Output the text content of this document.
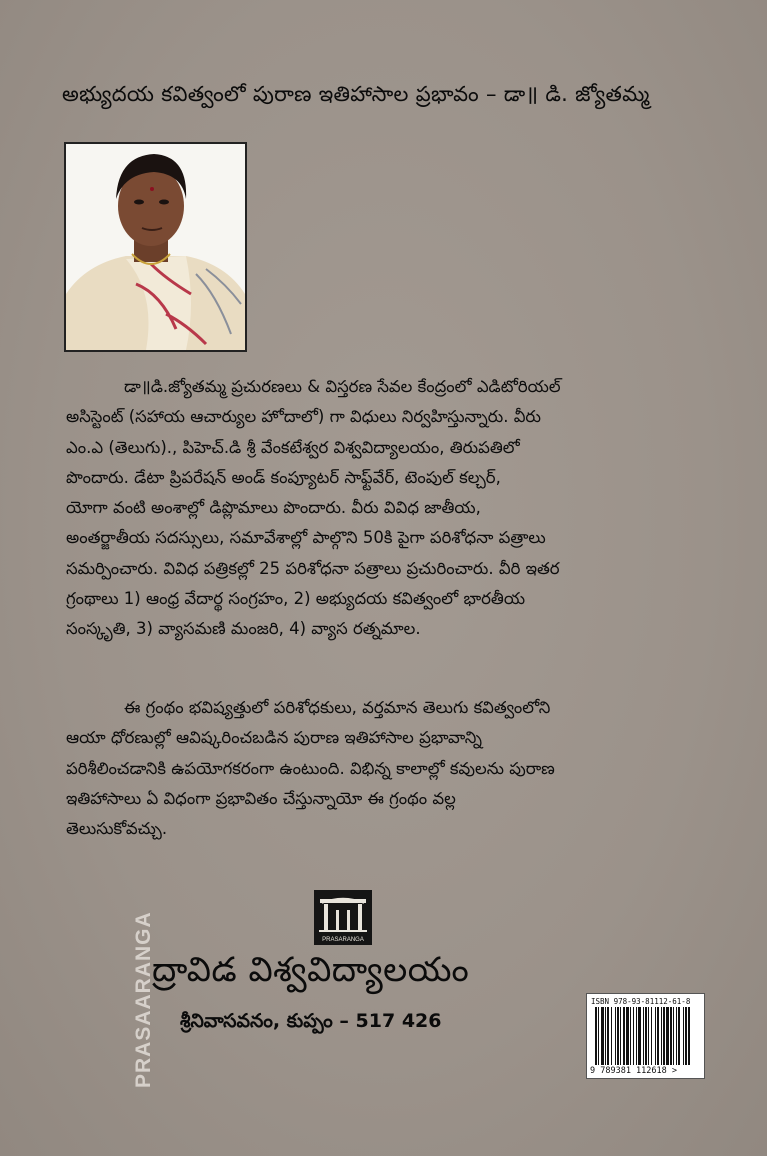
అభ్యుదయ కవిత్వంలో పురాణ ఇతిహాసాల ప్రభావం – డా॥ డి. జ్యోతమ్మ
డా॥డి.జ్యోతమ్మ ప్రచురణలు & విస్తరణ సేవల కేంద్రంలో ఎడిటోరియల్
అసిస్టెంట్ (సహాయ ఆచార్యుల హోదాలో) గా విధులు నిర్వహిస్తున్నారు. వీరు
ఎం.ఎ (తెలుగు)., పిహెచ్.డి శ్రీ వేంకటేశ్వర విశ్వవిద్యాలయం, తిరుపతిలో
పొందారు. డేటా ప్రిపరేషన్ అండ్ కంప్యూటర్ సాఫ్ట్‌వేర్, టెంపుల్ కల్చర్,
యోగా వంటి అంశాల్లో డిప్లొమాలు పొందారు. వీరు వివిధ జాతీయ,
అంతర్జాతీయ సదస్సులు, సమావేశాల్లో పాల్గొని 50కి పైగా పరిశోధనా పత్రాలు
సమర్పించారు. వివిధ పత్రికల్లో 25 పరిశోధనా పత్రాలు ప్రచురించారు. వీరి ఇతర
గ్రంథాలు 1) ఆంధ్ర వేదార్థ సంగ్రహం, 2) అభ్యుదయ కవిత్వంలో భారతీయ
సంస్కృతి, 3) వ్యాసమణి మంజరి, 4) వ్యాస రత్నమాల.
ఈ గ్రంథం భవిష్యత్తులో పరిశోధకులు, వర్తమాన తెలుగు కవిత్వంలోని
ఆయా ధోరణుల్లో ఆవిష్కరించబడిన పురాణ ఇతిహాసాల ప్రభావాన్ని
పరిశీలించడానికి ఉపయోగకరంగా ఉంటుంది. విభిన్న కాలాల్లో కవులను పురాణ
ఇతిహాసాలు ఏ విధంగా ప్రభావితం చేస్తున్నాయో ఈ గ్రంథం వల్ల
తెలుసుకోవచ్చు.
PRASARANGA
PRASAARANGA
ద్రావిడ విశ్వవిద్యాలయం
శ్రీనివాసవనం, కుప్పం – 517 426
ISBN 978-93-81112-61-8
9 789381 112618 >
